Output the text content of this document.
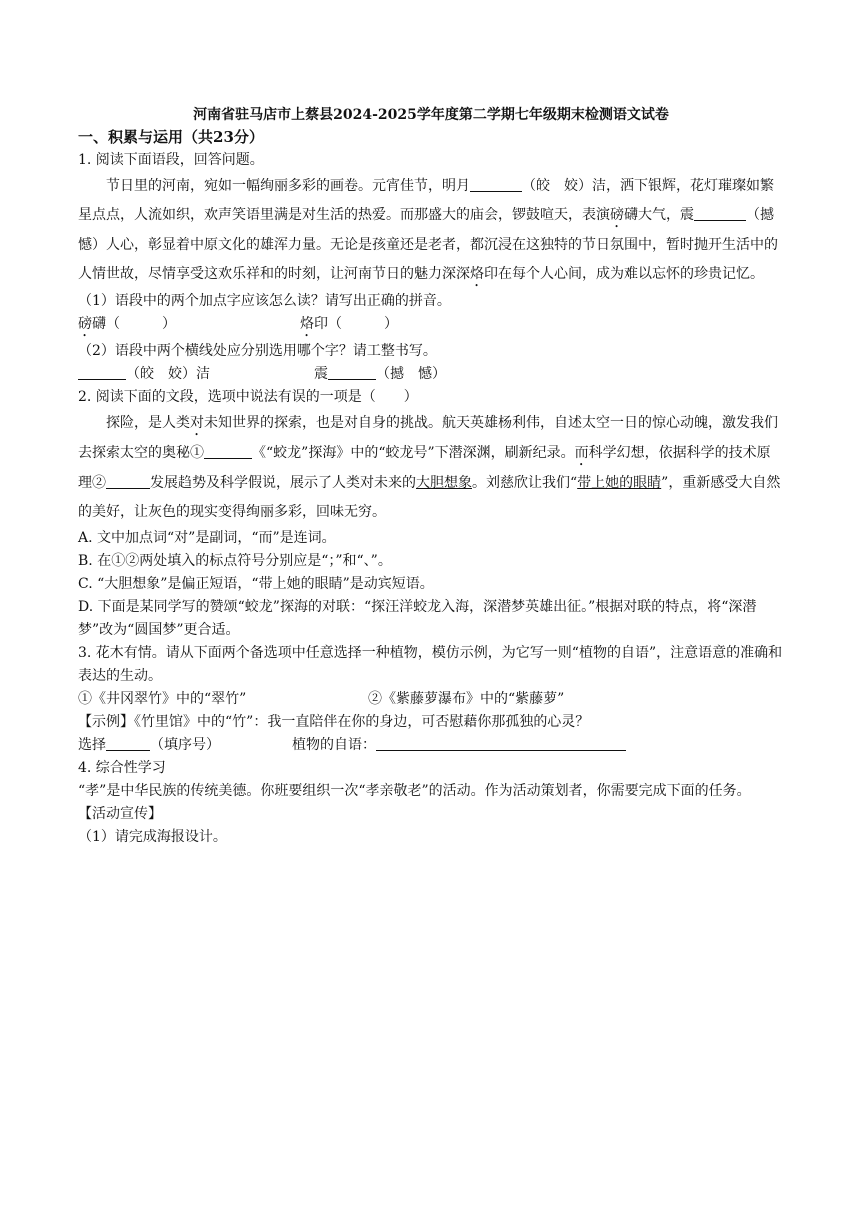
河南省驻马店市上蔡县2024-2025学年度第二学期七年级期末检测语文试卷

一、积累与运用（共23分）

1. 阅读下面语段，回答问题。

节日里的河南，宛如一幅绚丽多彩的画卷。元宵佳节，明月	（皎　姣）洁，洒下银辉，花灯璀璨如繁星点点，人流如织，欢声笑语里满是对生活的热爱。而那盛大的庙会，锣鼓喧天，表演磅礴大气，震	（撼　憾）人心，彰显着中原文化的雄浑力量。无论是孩童还是老者，都沉浸在这独特的节日氛围中，暂时抛开生活中的人情世故，尽情享受这欢乐祥和的时刻，让河南节日的魅力深深烙印在每个人心间，成为难以忘怀的珍贵记忆。

（1）语段中的两个加点字应该怎么读？请写出正确的拼音。

磅礴（　　　）	烙印（　　　）

（2）语段中两个横线处应分别选用哪个字？请工整书写。

（皎　姣）洁	震	（撼　憾）

2. 阅读下面的文段，选项中说法有误的一项是（　　）

探险，是人类对未知世界的探索，也是对自身的挑战。航天英雄杨利伟，自述太空一日的惊心动魄，激发我们去探索太空的奥秘①	《“蛟龙”探海》中的“蛟龙号”下潜深渊，刷新纪录。而科学幻想，依据科学的技术原理②	发展趋势及科学假说，展示了人类对未来的大胆想象。刘慈欣让我们“带上她的眼睛”，重新感受大自然的美好，让灰色的现实变得绚丽多彩，回味无穷。

A. 文中加点词“对”是副词，“而”是连词。

B. 在①②两处填入的标点符号分别应是“；”和“、”。

C. “大胆想象”是偏正短语，“带上她的眼睛”是动宾短语。

D. 下面是某同学写的赞颂“蛟龙”探海的对联：“探汪洋蛟龙入海，深潜梦英雄出征。”根据对联的特点，将“深潜梦”改为“圆国梦”更合适。

3. 花木有情。请从下面两个备选项中任意选择一种植物，模仿示例，为它写一则“植物的自语”，注意语意的准确和表达的生动。

①《井冈翠竹》中的“翠竹”	②《紫藤萝瀑布》中的“紫藤萝”

【示例】《竹里馆》中的“竹”：我一直陪伴在你的身边，可否慰藉你那孤独的心灵？

选择	（填序号）	植物的自语：

4. 综合性学习

“孝”是中华民族的传统美德。你班要组织一次“孝亲敬老”的活动。作为活动策划者，你需要完成下面的任务。

【活动宣传】

（1）请完成海报设计。
